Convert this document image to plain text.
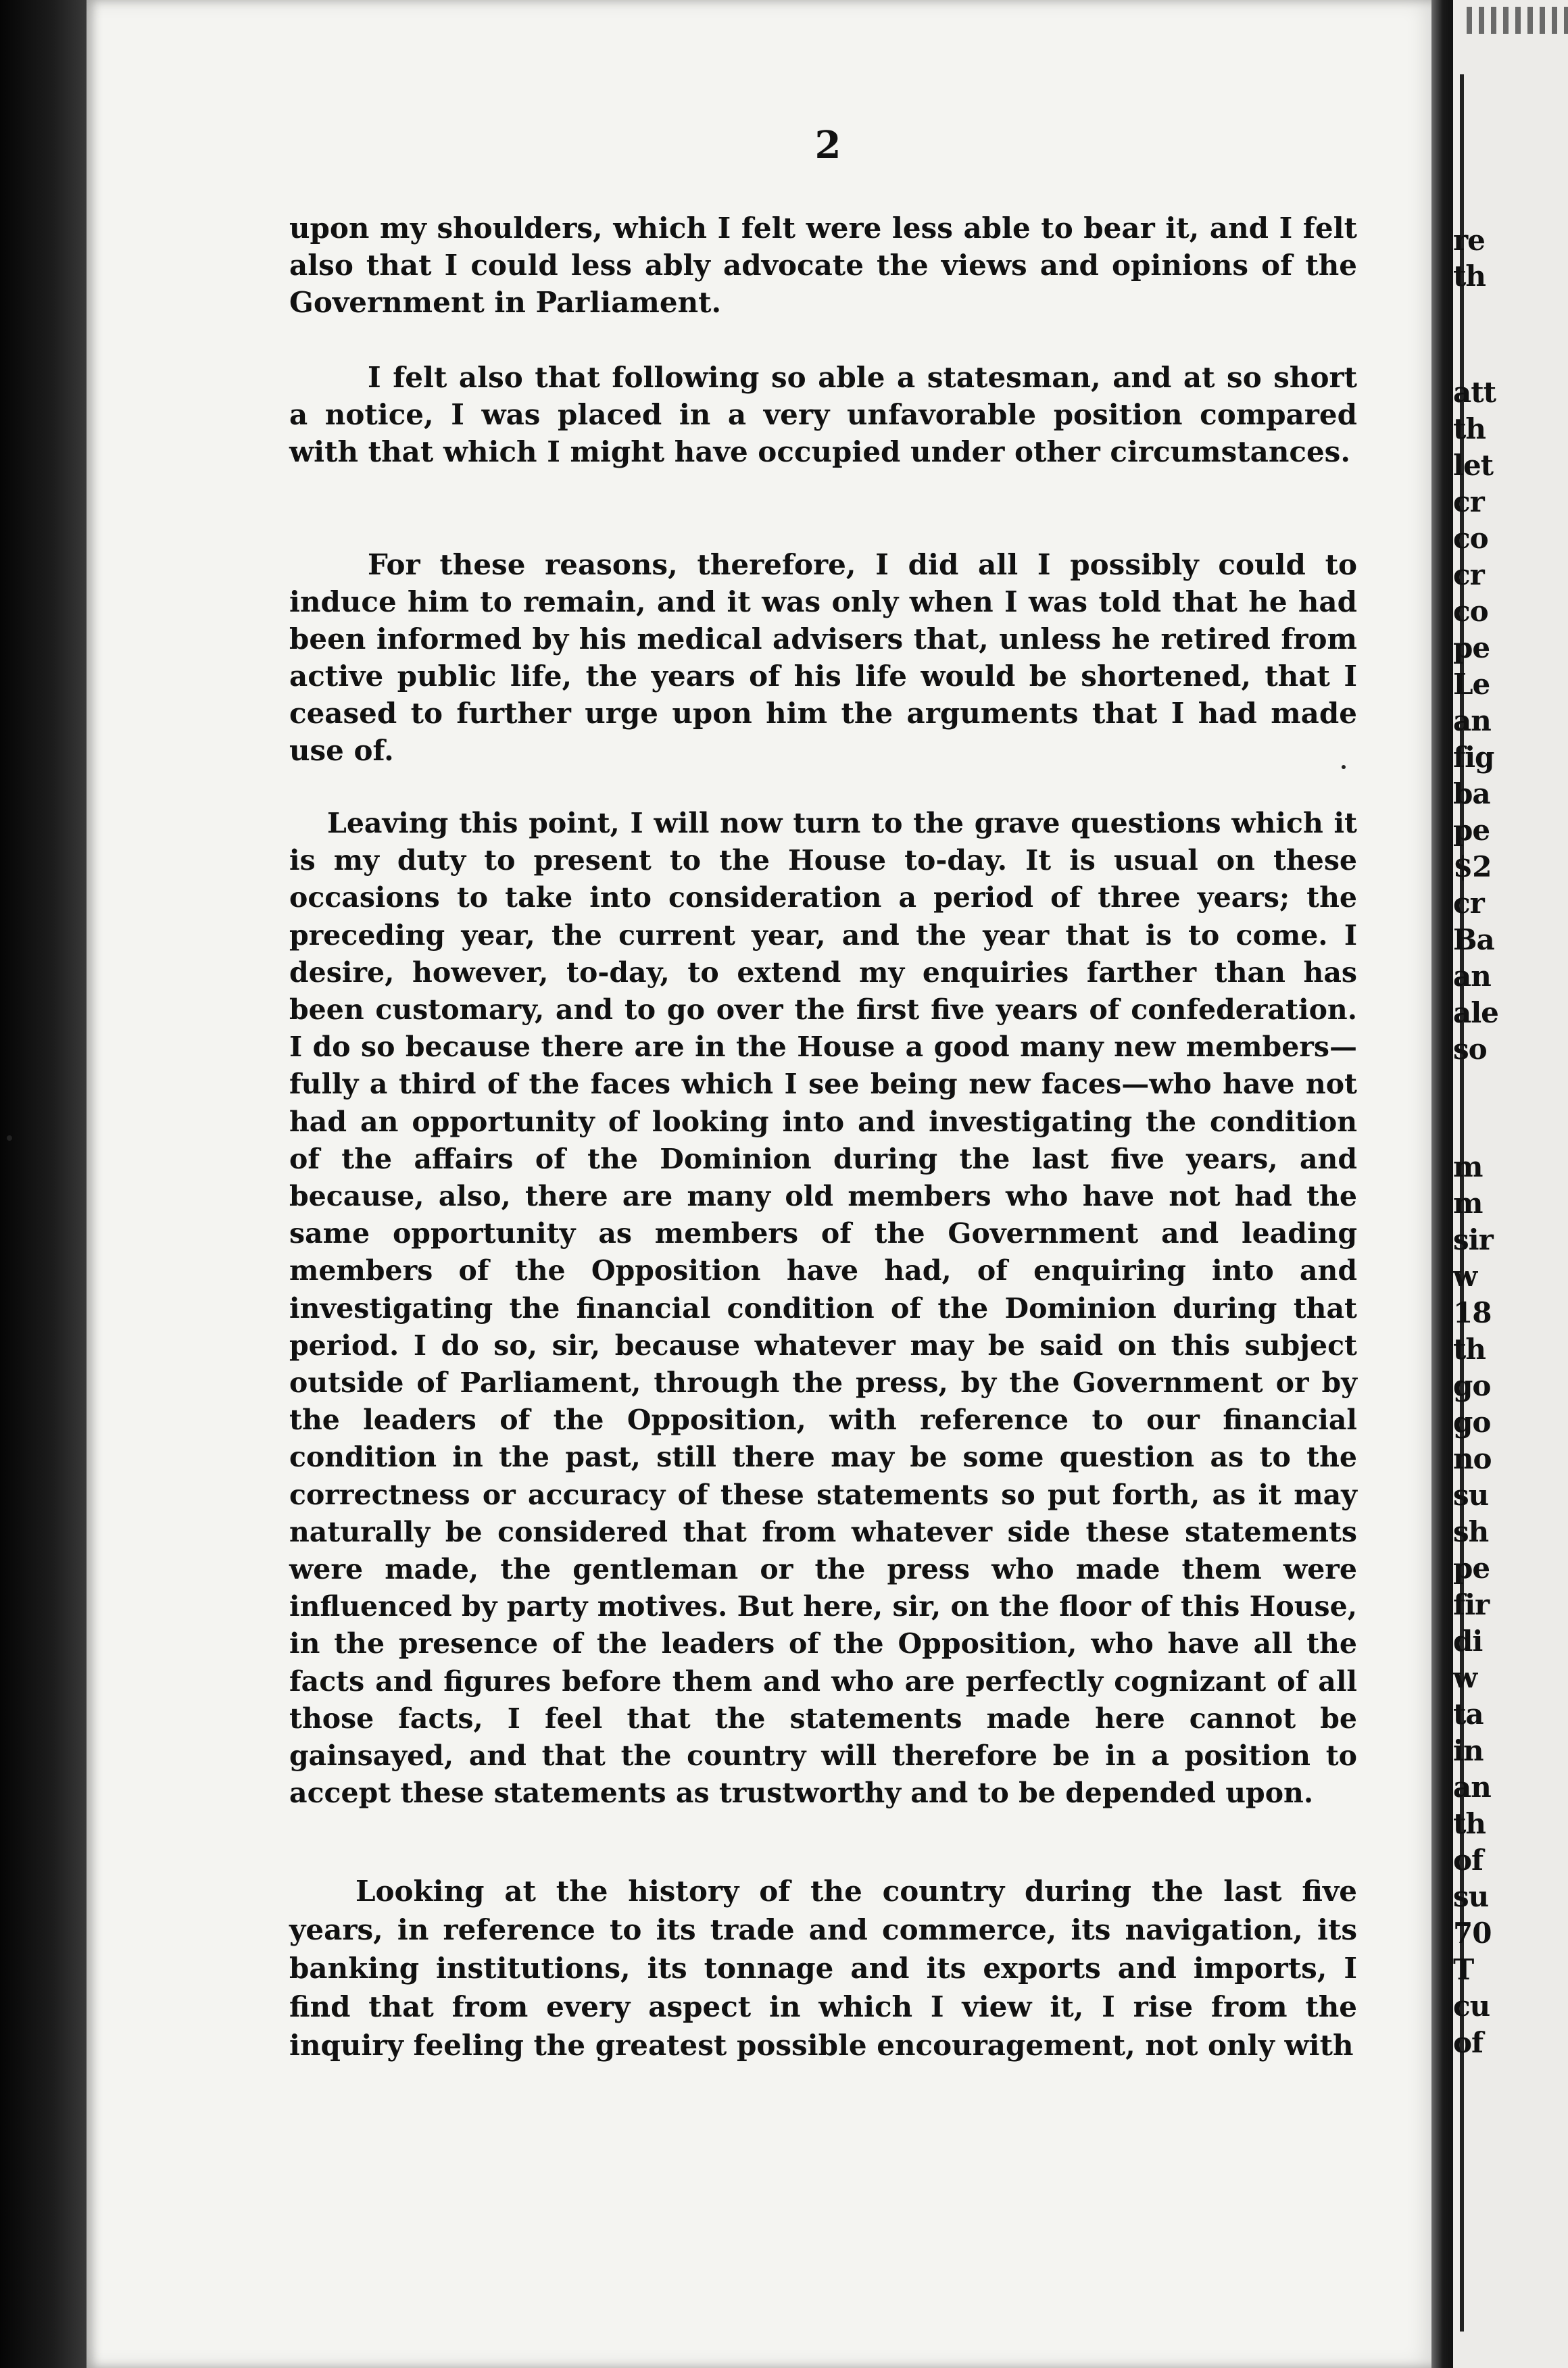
re

th

att

th

let

cr

co

cr

co

pe

Le

an

fig

ba

pe

$2

cr

Ba

an

ale

so

m

m

sir

w

18

th

go

go

no

su

sh

pe

fir

di

w

ta

in

an

th

of

su

70

T

cu

of

2

upon my shoulders, which I felt were less able to bear it, and I felt also that I could less ably advocate the views and opinions of the Government in Parliament.

I felt also that following so able a statesman, and at so short a notice, I was placed in a very unfavorable position compared with that which I might have occupied under other circumstances.

For these reasons, therefore, I did all I possibly could to induce him to remain, and it was only when I was told that he had been informed by his medical advisers that, unless he retired from active public life, the years of his life would be shortened, that I ceased to further urge upon him the arguments that I had made use of.

Leaving this point, I will now turn to the grave questions which it is my duty to present to the House to-day. It is usual on these occasions to take into consideration a period of three years; the preceding year, the current year, and the year that is to come. I desire, however, to-day, to extend my enquiries farther than has been customary, and to go over the first five years of confederation. I do so because there are in the House a good many new members—fully a third of the faces which I see being new faces—who have not had an opportunity of looking into and investigating the condition of the affairs of the Dominion during the last five years, and because, also, there are many old members who have not had the same opportunity as members of the Government and leading members of the Opposition have had, of enquiring into and investigating the financial condition of the Dominion during that period. I do so, sir, because whatever may be said on this subject outside of Parliament, through the press, by the Government or by the leaders of the Opposition, with reference to our financial condition in the past, still there may be some question as to the correctness or accuracy of these statements so put forth, as it may naturally be considered that from whatever side these statements were made, the gentleman or the press who made them were influenced by party motives. But here, sir, on the floor of this House, in the presence of the leaders of the Opposition, who have all the facts and figures before them and who are perfectly cognizant of all those facts, I feel that the statements made here cannot be gainsayed, and that the country will therefore be in a position to accept these statements as trustworthy and to be depended upon.

Looking at the history of the country during the last five years, in reference to its trade and commerce, its navigation, its banking institutions, its tonnage and its exports and imports, I find that from every aspect in which I view it, I rise from the inquiry feeling the greatest possible encouragement, not only with
